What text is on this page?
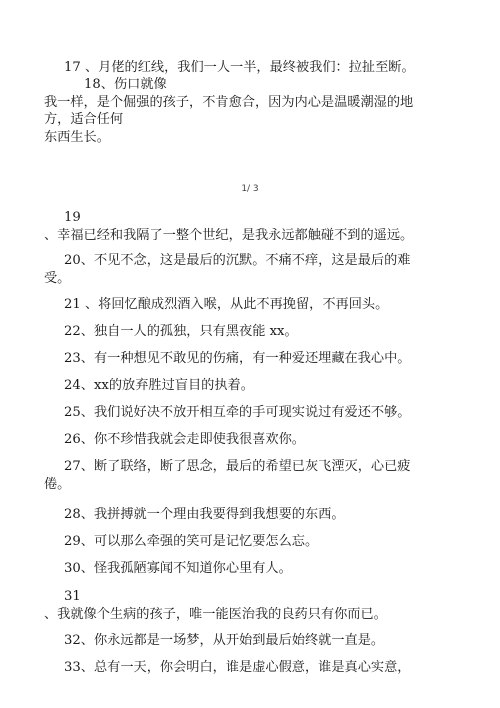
17 、月佬的红线，我们一人一半，最终被我们：拉扯至断。
18、伤口就像
我一样，是个倔强的孩子，不肯愈合，因为内心是温暖潮湿的地
方，适合任何
东西生长。
1/ 3
19
、幸福已经和我隔了一整个世纪，是我永远都触碰不到的遥远。
20、不见不念，这是最后的沉默。不痛不痒，这是最后的难
受。
21 、将回忆酿成烈酒入喉，从此不再挽留，不再回头。
22、独自一人的孤独，只有黑夜能 xx。
23、有一种想见不敢见的伤痛，有一种爱还埋藏在我心中。
24、xx的放弃胜过盲目的执着。
25、我们说好决不放开相互牵的手可现实说过有爱还不够。
26、你不珍惜我就会走即使我很喜欢你。
27、断了联络，断了思念，最后的希望已灰飞湮灭，心已疲
倦。
28、我拼搏就一个理由我要得到我想要的东西。
29、可以那么牵强的笑可是记忆要怎么忘。
30、怪我孤陋寡闻不知道你心里有人。
31
、我就像个生病的孩子，唯一能医治我的良药只有你而已。
32、你永远都是一场梦，从开始到最后始终就一直是。
33、总有一天，你会明白，谁是虚心假意，谁是真心实意，
